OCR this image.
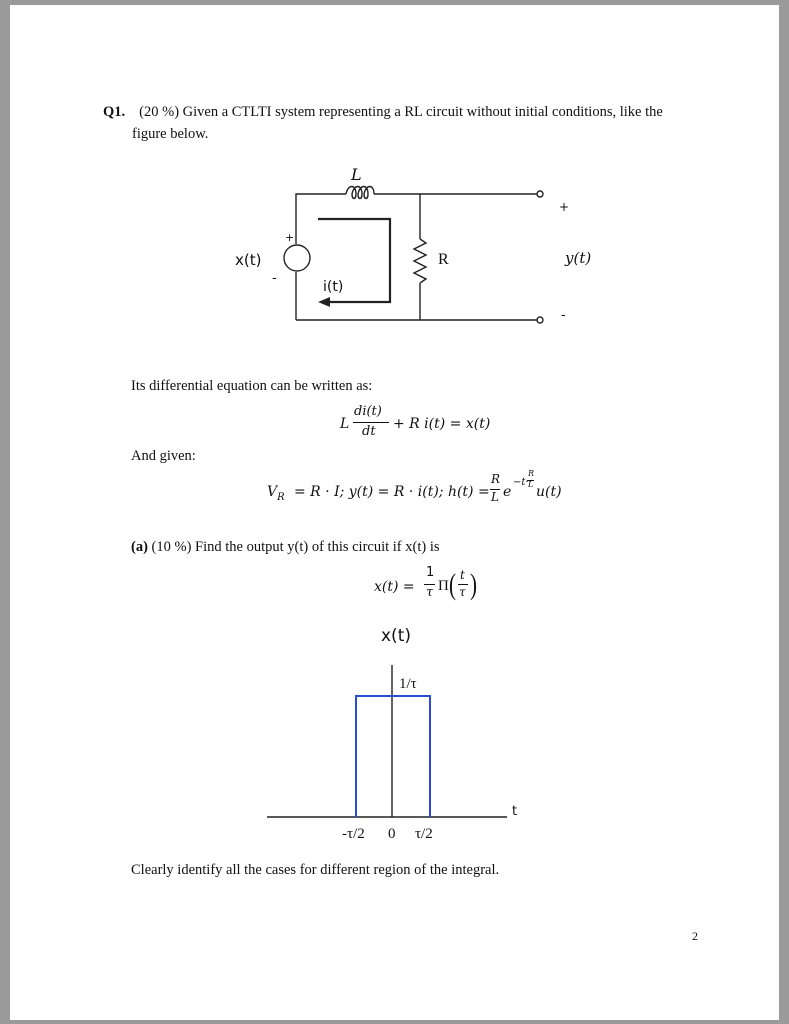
Q1. (20 %) Given a CTLTI system representing a RL circuit without initial conditions, like the
figure below.
L
R
x(t)
+
-
i(t)
y(t)
+
-
Its differential equation can be written as:
L
di(t)
dt + R i(t) = x(t)
And given:
$V_R = R \cdot I$; y(t) = R · i(t); h(t) =
R
L e
−t·
R
L u(t)
(a) (10 %) Find the output y(t) of this circuit if x(t) is
x(t) =
1
τ Π ( t
τ )
x(t)
1/τ
t
-τ/2 0 τ/2
Clearly identify all the cases for different region of the integral.
2
